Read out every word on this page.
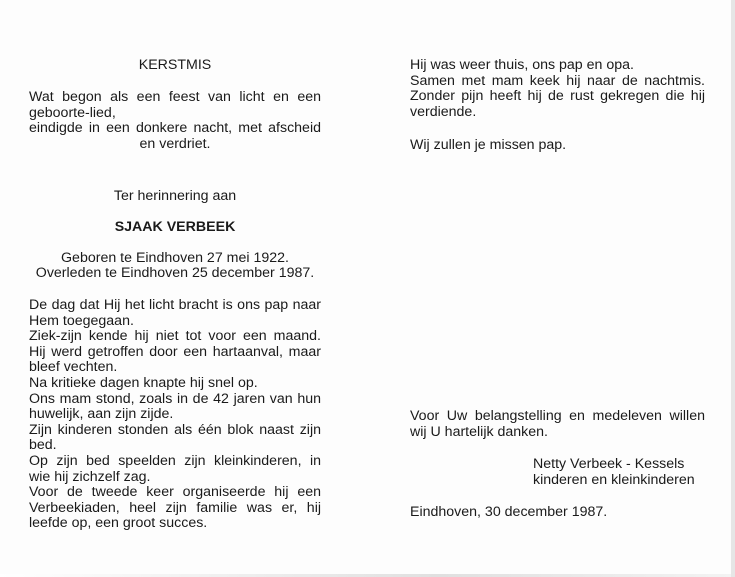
KERSTMIS
Wat begon als een feest van licht en een
geboorte-lied,
eindigde in een donkere nacht, met afscheid
en verdriet.
Ter herinnering aan
SJAAK VERBEEK
Geboren te Eindhoven 27 mei 1922.
Overleden te Eindhoven 25 december 1987.
De dag dat Hij het licht bracht is ons pap naar
Hem toegegaan.
Ziek-zijn kende hij niet tot voor een maand.
Hij werd getroffen door een hartaanval, maar
bleef vechten.
Na kritieke dagen knapte hij snel op.
Ons mam stond, zoals in de 42 jaren van hun
huwelijk, aan zijn zijde.
Zijn kinderen stonden als één blok naast zijn
bed.
Op zijn bed speelden zijn kleinkinderen, in
wie hij zichzelf zag.
Voor de tweede keer organiseerde hij een
Verbeekiaden, heel zijn familie was er, hij
leefde op, een groot succes.
Hij was weer thuis, ons pap en opa.
Samen met mam keek hij naar de nachtmis.
Zonder pijn heeft hij de rust gekregen die hij
verdiende.
Wij zullen je missen pap.
Voor Uw belangstelling en medeleven willen
wij U hartelijk danken.
Netty Verbeek - Kessels
kinderen en kleinkinderen
Eindhoven, 30 december 1987.
